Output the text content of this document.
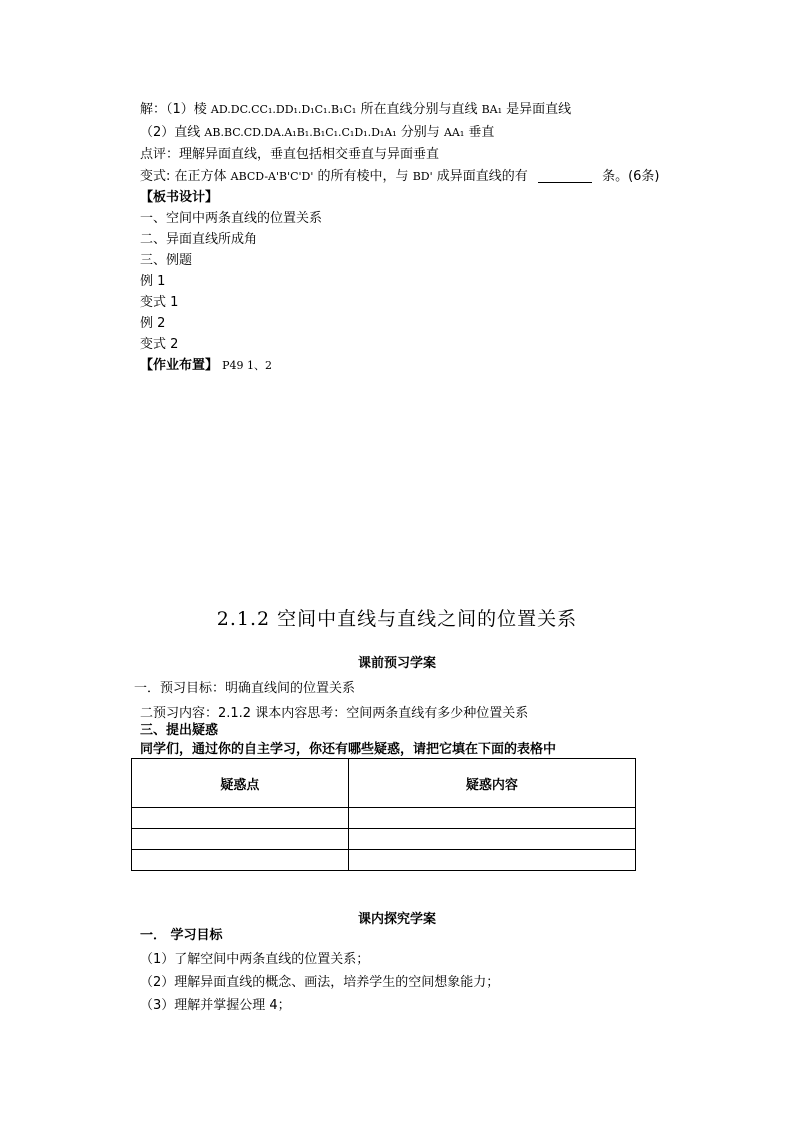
解：（1）棱 AD.DC.CC₁.DD₁.D₁C₁.B₁C₁ 所在直线分别与直线 BA₁ 是异面直线
（2）直线 AB.BC.CD.DA.A₁B₁.B₁C₁.C₁D₁.D₁A₁ 分别与 AA₁ 垂直
点评：理解异面直线，垂直包括相交垂直与异面垂直
变式: 在正方体 ABCD-A'B'C'D' 的所有棱中，与 BD' 成异面直线的有	条。(6条)
【板书设计】
一、空间中两条直线的位置关系
二、异面直线所成角
三、例题
例 1
变式 1
例 2
变式 2
【作业布置】 P49 1、2
2.1.2 空间中直线与直线之间的位置关系
课前预习学案
一．预习目标：明确直线间的位置关系
二预习内容：2.1.2 课本内容思考：空间两条直线有多少种位置关系
三、提出疑惑
同学们，通过你的自主学习，你还有哪些疑惑，请把它填在下面的表格中
疑惑点	疑惑内容

课内探究学案
一． 学习目标
（1）了解空间中两条直线的位置关系；
（2）理解异面直线的概念、画法，培养学生的空间想象能力；
（3）理解并掌握公理 4；
